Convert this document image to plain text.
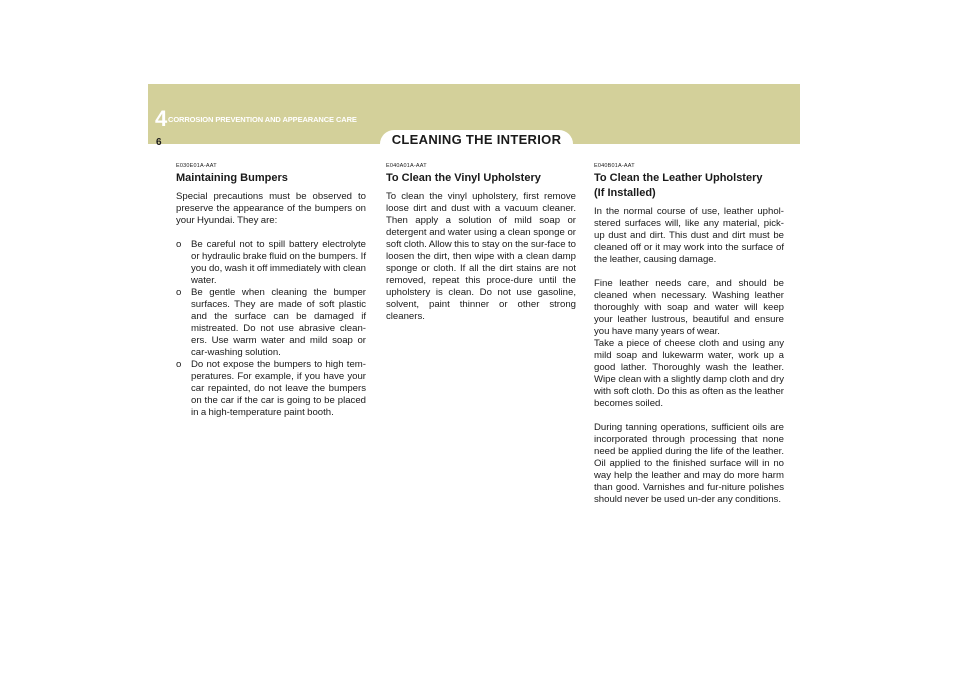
4 CORROSION PREVENTION AND APPEARANCE CARE
6	CLEANING THE INTERIOR
E030E01A-AAT
Maintaining Bumpers

Special precautions must be observed to preserve the appearance of the bumpers on your Hyundai. They are:

o Be careful not to spill battery electrolyte or hydraulic brake fluid on the bumpers. If you do, wash it off immediately with clean water.
o Be gentle when cleaning the bumper surfaces. They are made of soft plastic and the surface can be damaged if mistreated. Do not use abrasive clean-ers. Use warm water and mild soap or car-washing solution.
o Do not expose the bumpers to high tem-peratures. For example, if you have your car repainted, do not leave the bumpers on the car if the car is going to be placed in a high-temperature paint booth.
E040A01A-AAT
To Clean the Vinyl Upholstery

To clean the vinyl upholstery, first remove loose dirt and dust with a vacuum cleaner. Then apply a solution of mild soap or detergent and water using a clean sponge or soft cloth. Allow this to stay on the sur-face to loosen the dirt, then wipe with a clean damp sponge or cloth. If all the dirt stains are not removed, repeat this proce-dure until the upholstery is clean. Do not use gasoline, solvent, paint thinner or other strong cleaners.

E040B01A-AAT
To Clean the Leather Upholstery
(If Installed)

In the normal course of use, leather uphol-stered surfaces will, like any material, pick-up dust and dirt. This dust and dirt must be cleaned off or it may work into the surface of the leather, causing damage.

Fine leather needs care, and should be cleaned when necessary. Washing leather thoroughly with soap and water will keep your leather lustrous, beautiful and ensure you have many years of wear.

Take a piece of cheese cloth and using any mild soap and lukewarm water, work up a good lather. Thoroughly wash the leather. Wipe clean with a slightly damp cloth and dry with soft cloth. Do this as often as the leather becomes soiled.

During tanning operations, sufficient oils are incorporated through processing that none need be applied during the life of the leather. Oil applied to the finished surface will in no way help the leather and may do more harm than good. Varnishes and fur-niture polishes should never be used un-der any conditions.
